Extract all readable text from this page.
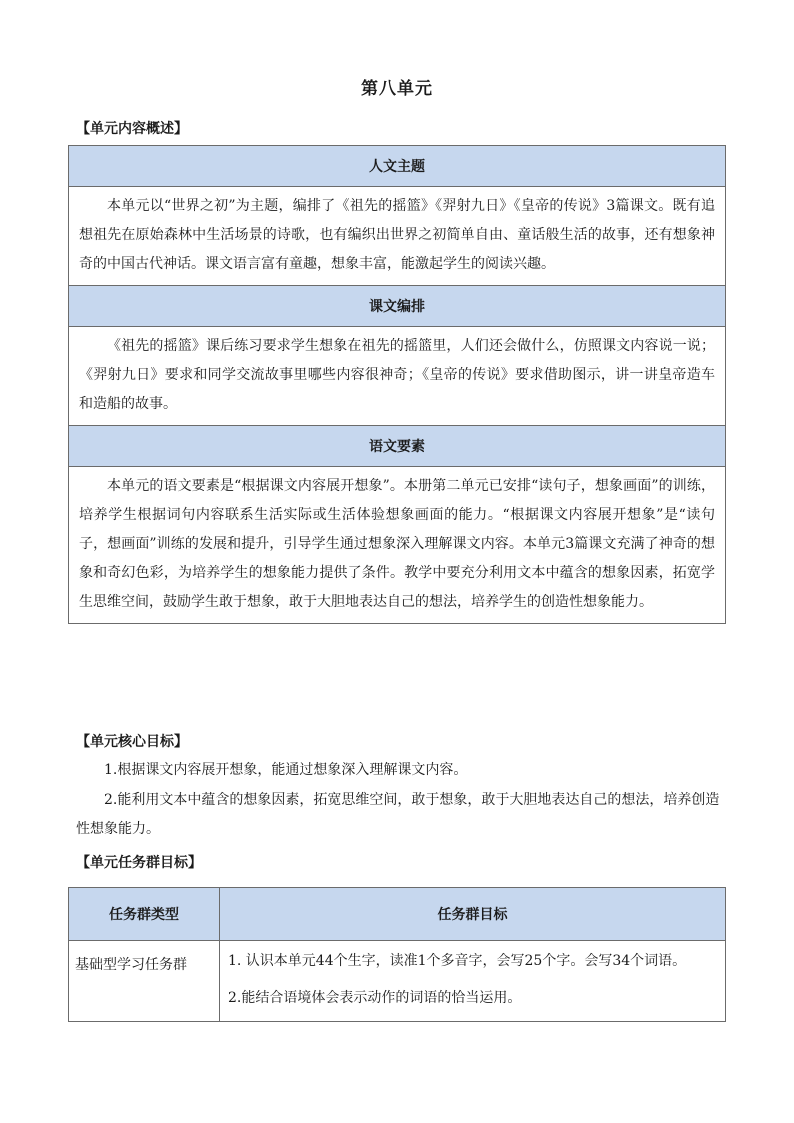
第八单元
【单元内容概述】
人文主题
本单元以“世界之初”为主题，编排了《祖先的摇篮》《羿射九日》《皇帝的传说》3篇课文。既有追想祖先在原始森林中生活场景的诗歌，也有编织出世界之初简单自由、童话般生活的故事，还有想象神奇的中国古代神话。课文语言富有童趣，想象丰富，能激起学生的阅读兴趣。
课文编排
《祖先的摇篮》课后练习要求学生想象在祖先的摇篮里，人们还会做什么，仿照课文内容说一说；《羿射九日》要求和同学交流故事里哪些内容很神奇；《皇帝的传说》要求借助图示，讲一讲皇帝造车和造船的故事。
语文要素
本单元的语文要素是“根据课文内容展开想象”。本册第二单元已安排“读句子，想象画面”的训练，培养学生根据词句内容联系生活实际或生活体验想象画面的能力。“根据课文内容展开想象”是“读句子，想画面”训练的发展和提升，引导学生通过想象深入理解课文内容。本单元3篇课文充满了神奇的想象和奇幻色彩，为培养学生的想象能力提供了条件。教学中要充分利用文本中蕴含的想象因素，拓宽学生思维空间，鼓励学生敢于想象，敢于大胆地表达自己的想法，培养学生的创造性想象能力。
【单元核心目标】
1.根据课文内容展开想象，能通过想象深入理解课文内容。
2.能利用文本中蕴含的想象因素，拓宽思维空间，敢于想象，敢于大胆地表达自己的想法，培养创造性想象能力。
【单元任务群目标】
任务群类型	任务群目标
基础型学习任务群	1. 认识本单元44个生字，读准1个多音字，会写25个字。会写34个词语。
2.能结合语境体会表示动作的词语的恰当运用。
